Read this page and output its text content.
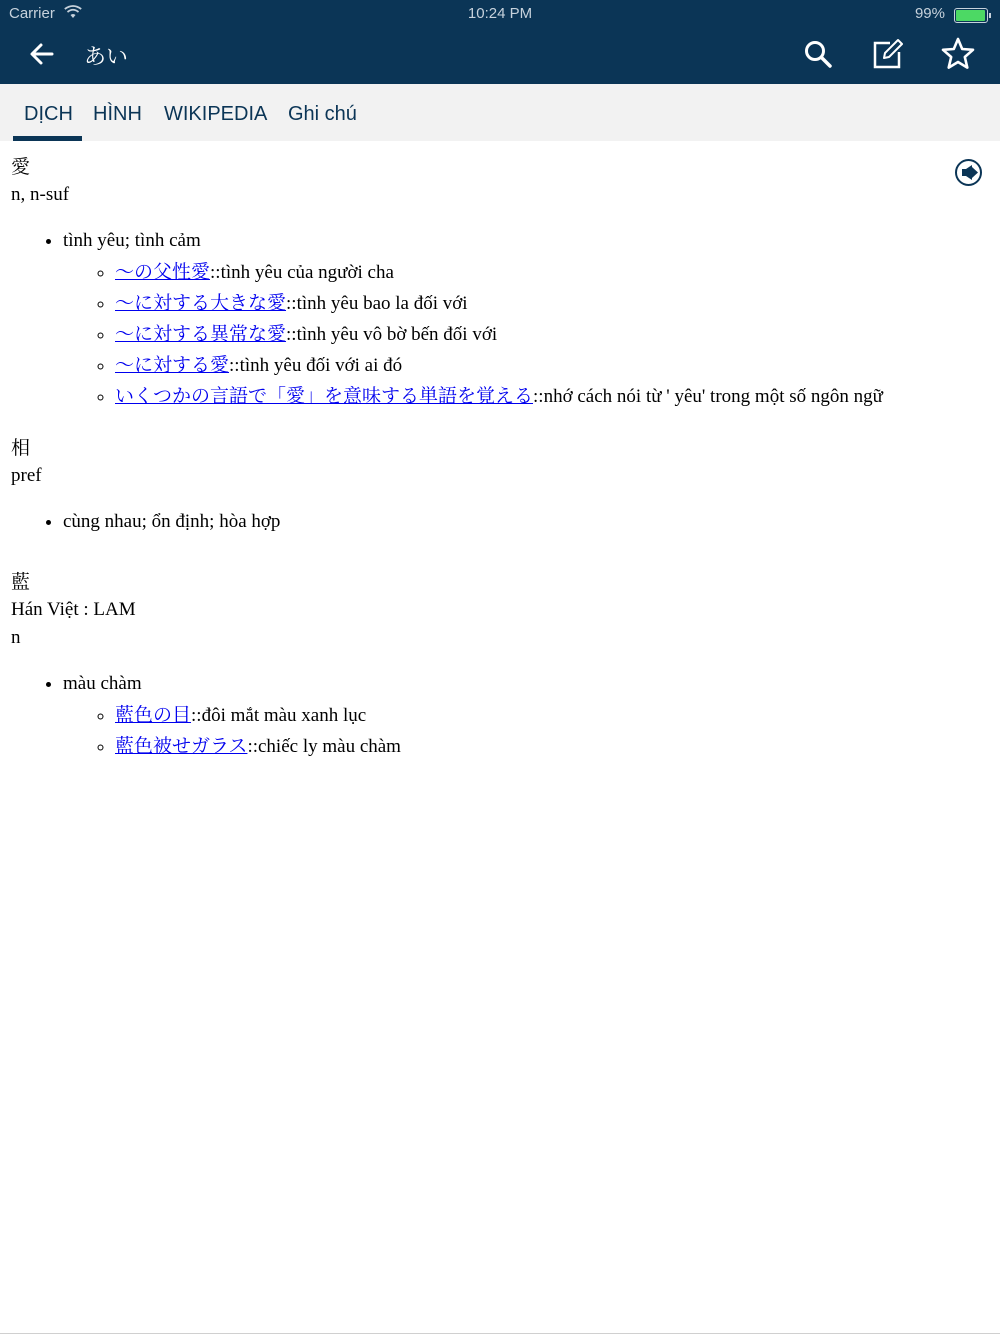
Carrier	10:24 PM	99%
あい
DỊCH HÌNH WIKIPEDIA Ghi chú
愛
n, n-suf
• tình yêu; tình cảm
◦ ～の父性愛::tình yêu của người cha
◦ ～に対する大きな愛::tình yêu bao la đối với
◦ ～に対する異常な愛::tình yêu vô bờ bến đối với
◦ ～に対する愛::tình yêu đối với ai đó
◦ いくつかの言語で「愛」を意味する単語を覚える::nhớ cách nói từ ' yêu' trong một số ngôn ngữ
相
pref
• cùng nhau; ổn định; hòa hợp
藍
Hán Việt : LAM
n
• màu chàm
◦ 藍色の目::đôi mắt màu xanh lục
◦ 藍色被せガラス::chiếc ly màu chàm
